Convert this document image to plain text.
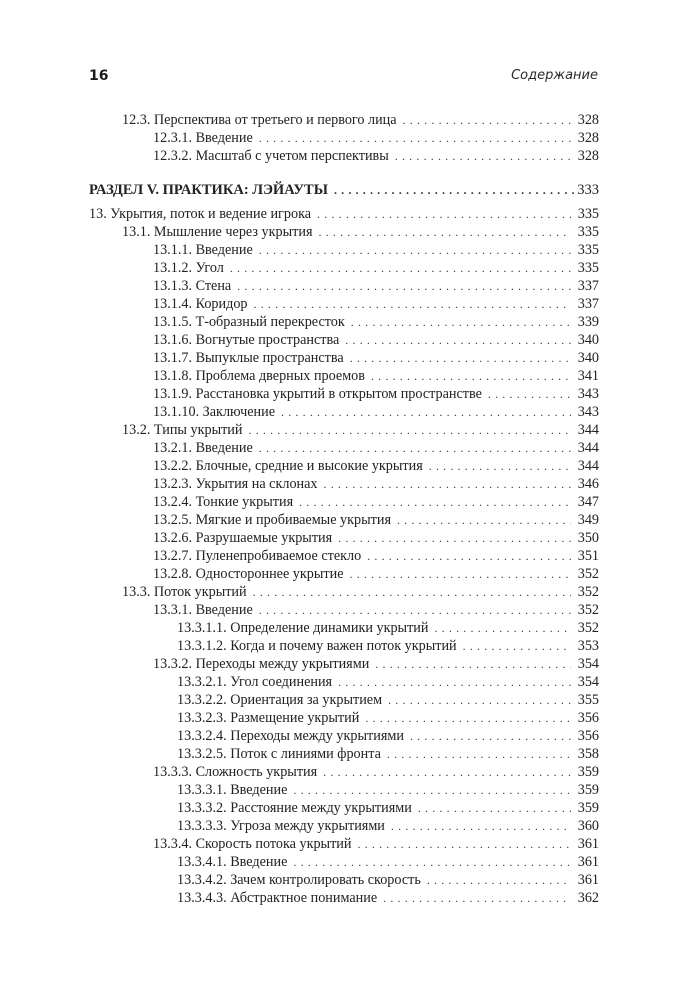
16	Содержание
12.3. Перспектива от третьего и первого лица . . .	328
12.3.1. Введение . . .	328
12.3.2. Масштаб с учетом перспективы . . .	328
РАЗДЕЛ V. ПРАКТИКА: ЛЭЙАУТЫ . . .	333
13. Укрытия, поток и ведение игрока . . .	335
13.1. Мышление через укрытия . . .	335
13.1.1. Введение . . .	335
13.1.2. Угол . . .	335
13.1.3. Стена . . .	337
13.1.4. Коридор . . .	337
13.1.5. Т-образный перекресток . . .	339
13.1.6. Вогнутые пространства . . .	340
13.1.7. Выпуклые пространства . . .	340
13.1.8. Проблема дверных проемов . . .	341
13.1.9. Расстановка укрытий в открытом пространстве . . .	343
13.1.10. Заключение . . .	343
13.2. Типы укрытий . . .	344
13.2.1. Введение . . .	344
13.2.2. Блочные, средние и высокие укрытия . . .	344
13.2.3. Укрытия на склонах . . .	346
13.2.4. Тонкие укрытия . . .	347
13.2.5. Мягкие и пробиваемые укрытия . . .	349
13.2.6. Разрушаемые укрытия . . .	350
13.2.7. Пуленепробиваемое стекло . . .	351
13.2.8. Одностороннее укрытие . . .	352
13.3. Поток укрытий . . .	352
13.3.1. Введение . . .	352
13.3.1.1. Определение динамики укрытий . . .	352
13.3.1.2. Когда и почему важен поток укрытий . . .	353
13.3.2. Переходы между укрытиями . . .	354
13.3.2.1. Угол соединения . . .	354
13.3.2.2. Ориентация за укрытием . . .	355
13.3.2.3. Размещение укрытий . . .	356
13.3.2.4. Переходы между укрытиями . . .	356
13.3.2.5. Поток с линиями фронта . . .	358
13.3.3. Сложность укрытия . . .	359
13.3.3.1. Введение . . .	359
13.3.3.2. Расстояние между укрытиями . . .	359
13.3.3.3. Угроза между укрытиями . . .	360
13.3.4. Скорость потока укрытий . . .	361
13.3.4.1. Введение . . .	361
13.3.4.2. Зачем контролировать скорость . . .	361
13.3.4.3. Абстрактное понимание . . .	362
